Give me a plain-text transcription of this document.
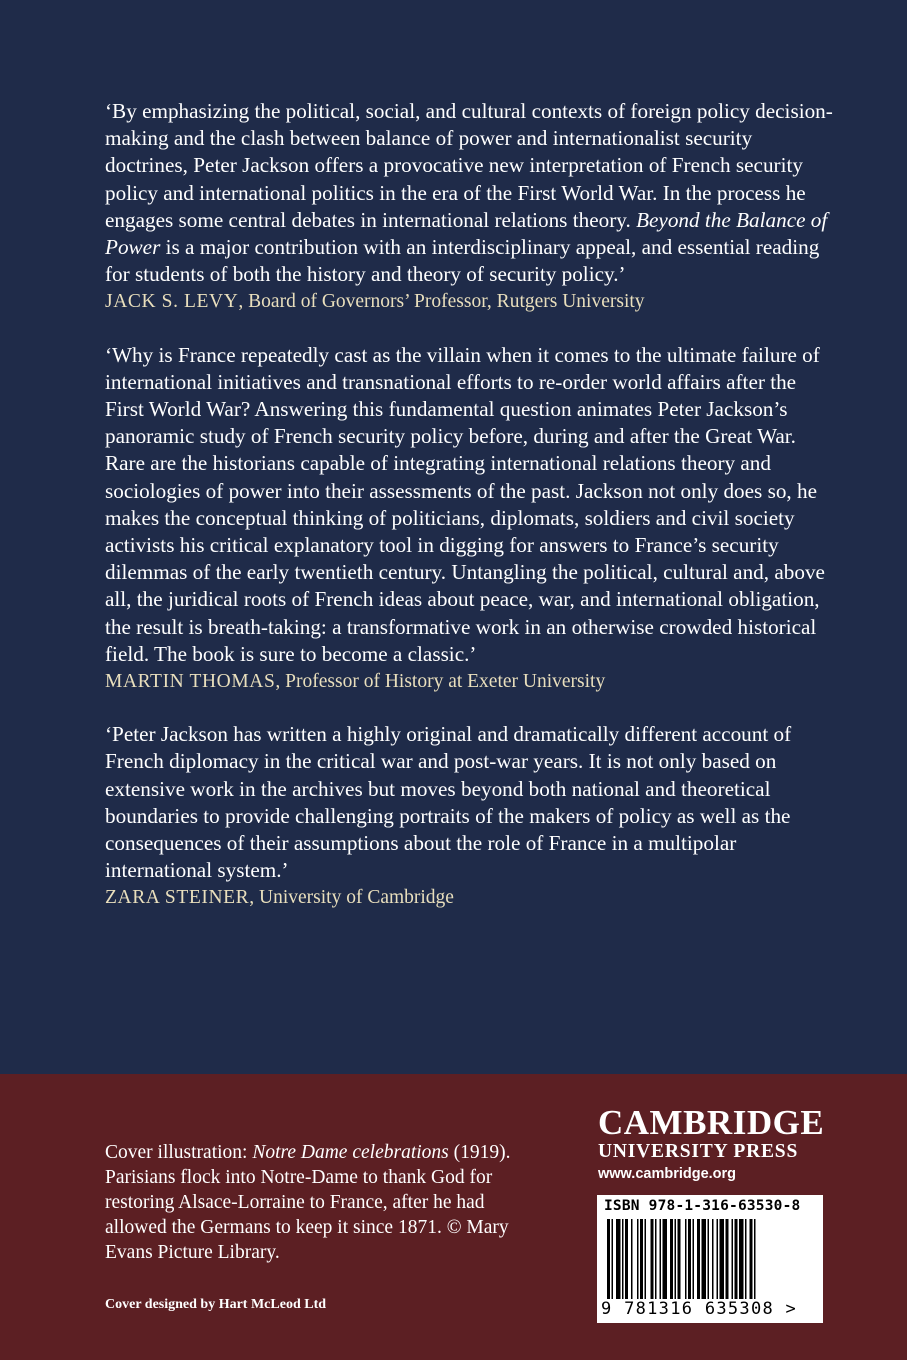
‘By emphasizing the political, social, and cultural contexts of foreign policy decision-making and the clash between balance of power and internationalist security doctrines, Peter Jackson offers a provocative new interpretation of French security policy and international politics in the era of the First World War. In the process he engages some central debates in international relations theory. Beyond the Balance of Power is a major contribution with an interdisciplinary appeal, and essential reading for students of both the history and theory of security policy.’

JACK S. LEVY, Board of Governors’ Professor, Rutgers University

‘Why is France repeatedly cast as the villain when it comes to the ultimate failure of international initiatives and transnational efforts to re-order world affairs after the First World War? Answering this fundamental question animates Peter Jackson’s panoramic study of French security policy before, during and after the Great War. Rare are the historians capable of integrating international relations theory and sociologies of power into their assessments of the past. Jackson not only does so, he makes the conceptual thinking of politicians, diplomats, soldiers and civil society activists his critical explanatory tool in digging for answers to France’s security dilemmas of the early twentieth century. Untangling the political, cultural and, above all, the juridical roots of French ideas about peace, war, and international obligation, the result is breath-taking: a transformative work in an otherwise crowded historical field. The book is sure to become a classic.’

MARTIN THOMAS, Professor of History at Exeter University

‘Peter Jackson has written a highly original and dramatically different account of French diplomacy in the critical war and post-war years. It is not only based on extensive work in the archives but moves beyond both national and theoretical boundaries to provide challenging portraits of the makers of policy as well as the consequences of their assumptions about the role of France in a multipolar international system.’

ZARA STEINER, University of Cambridge

Cover illustration: Notre Dame celebrations (1919). Parisians flock into Notre-Dame to thank God for restoring Alsace-Lorraine to France, after he had allowed the Germans to keep it since 1871. © Mary Evans Picture Library.

Cover designed by Hart McLeod Ltd
CAMBRIDGE
UNIVERSITY PRESS
www.cambridge.org
ISBN 978-1-316-63530-8
9 781316 635308 >
